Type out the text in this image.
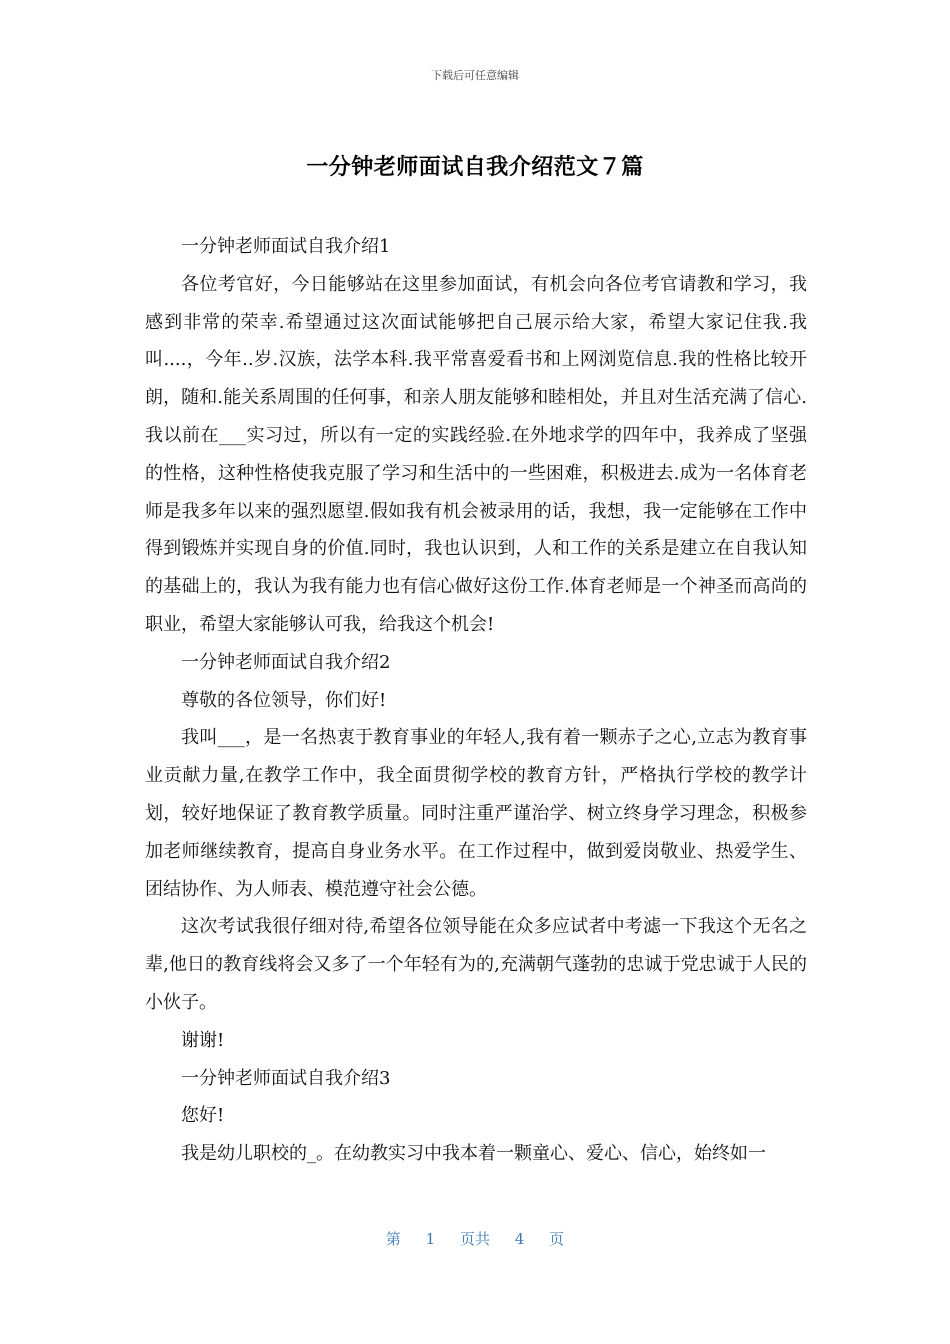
下载后可任意编辑
一分钟老师面试自我介绍范文７篇

一分钟老师面试自我介绍1

各位考官好，今日能够站在这里参加面试，有机会向各位考官请教和学习，我感到非常的荣幸.希望通过这次面试能够把自己展示给大家，希望大家记住我.我叫....，今年..岁.汉族，法学本科.我平常喜爱看书和上网浏览信息.我的性格比较开朗，随和.能关系周围的任何事，和亲人朋友能够和睦相处，并且对生活充满了信心.我以前在___实习过，所以有一定的实践经验.在外地求学的四年中，我养成了坚强的性格，这种性格使我克服了学习和生活中的一些困难，积极进去.成为一名体育老师是我多年以来的强烈愿望.假如我有机会被录用的话，我想，我一定能够在工作中得到锻炼并实现自身的价值.同时，我也认识到，人和工作的关系是建立在自我认知的基础上的，我认为我有能力也有信心做好这份工作.体育老师是一个神圣而高尚的职业，希望大家能够认可我，给我这个机会!

一分钟老师面试自我介绍2

尊敬的各位领导，你们好!

我叫___，是一名热衷于教育事业的年轻人,我有着一颗赤子之心,立志为教育事业贡献力量,在教学工作中，我全面贯彻学校的教育方针，严格执行学校的教学计划，较好地保证了教育教学质量。同时注重严谨治学、树立终身学习理念，积极参加老师继续教育，提高自身业务水平。在工作过程中，做到爱岗敬业、热爱学生、团结协作、为人师表、模范遵守社会公德。

这次考试我很仔细对待,希望各位领导能在众多应试者中考滤一下我这个无名之辈,他日的教育线将会又多了一个年轻有为的,充满朝气蓬勃的忠诚于党忠诚于人民的小伙子。

谢谢!

一分钟老师面试自我介绍3

您好!

我是幼儿职校的_。在幼教实习中我本着一颗童心、爱心、信心，始终如一

第 1 页共 4 页
